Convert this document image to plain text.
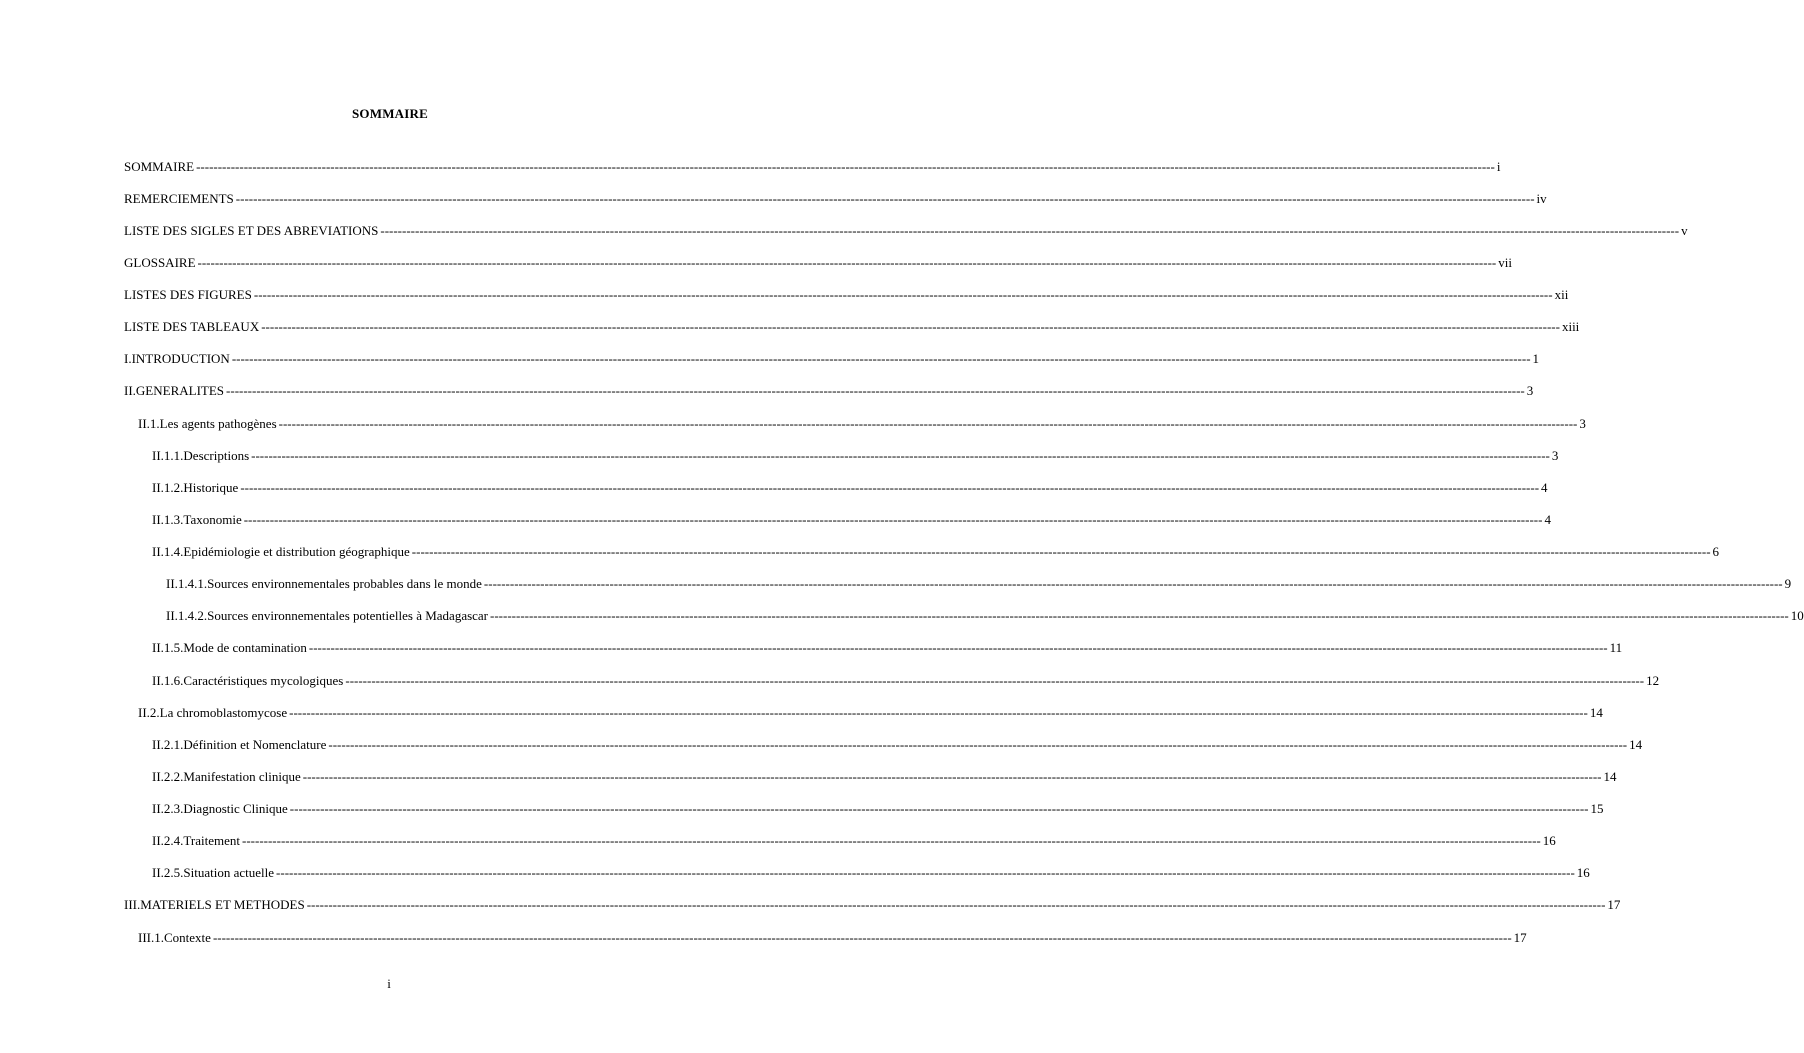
SOMMAIRE
SOMMAIRE ------------------------------------------------------------------------------------------------------------------------------------------------------------------------------------------------------------------------------------------------------------------------------------------------------------ i
REMERCIEMENTS ------------------------------------------------------------------------------------------------------------------------------------------------------------------------------------------------------------------------------------------------------------------------------------------------------------ iv
LISTE DES SIGLES ET DES ABREVIATIONS ------------------------------------------------------------------------------------------------------------------------------------------------------------------------------------------------------------------------------------------------------------------------------------------------------------ v
GLOSSAIRE ------------------------------------------------------------------------------------------------------------------------------------------------------------------------------------------------------------------------------------------------------------------------------------------------------------ vii
LISTES DES FIGURES ------------------------------------------------------------------------------------------------------------------------------------------------------------------------------------------------------------------------------------------------------------------------------------------------------------ xii
LISTE DES TABLEAUX ------------------------------------------------------------------------------------------------------------------------------------------------------------------------------------------------------------------------------------------------------------------------------------------------------------ xiii
I. INTRODUCTION ------------------------------------------------------------------------------------------------------------------------------------------------------------------------------------------------------------------------------------------------------------------------------------------------------------ 1
II. GENERALITES ------------------------------------------------------------------------------------------------------------------------------------------------------------------------------------------------------------------------------------------------------------------------------------------------------------ 3
II.1. Les agents pathogènes ------------------------------------------------------------------------------------------------------------------------------------------------------------------------------------------------------------------------------------------------------------------------------------------------------------ 3
II.1.1. Descriptions ------------------------------------------------------------------------------------------------------------------------------------------------------------------------------------------------------------------------------------------------------------------------------------------------------------ 3
II.1.2. Historique ------------------------------------------------------------------------------------------------------------------------------------------------------------------------------------------------------------------------------------------------------------------------------------------------------------ 4
II.1.3. Taxonomie ------------------------------------------------------------------------------------------------------------------------------------------------------------------------------------------------------------------------------------------------------------------------------------------------------------ 4
II.1.4. Epidémiologie et distribution géographique ------------------------------------------------------------------------------------------------------------------------------------------------------------------------------------------------------------------------------------------------------------------------------------------------------------ 6
II.1.4.1. Sources environnementales probables dans le monde ------------------------------------------------------------------------------------------------------------------------------------------------------------------------------------------------------------------------------------------------------------------------------------------------------------ 9
II.1.4.2. Sources environnementales potentielles à Madagascar ------------------------------------------------------------------------------------------------------------------------------------------------------------------------------------------------------------------------------------------------------------------------------------------------------------ 10
II.1.5. Mode de contamination ------------------------------------------------------------------------------------------------------------------------------------------------------------------------------------------------------------------------------------------------------------------------------------------------------------ 11
II.1.6. Caractéristiques mycologiques ------------------------------------------------------------------------------------------------------------------------------------------------------------------------------------------------------------------------------------------------------------------------------------------------------------ 12
II.2. La chromoblastomycose ------------------------------------------------------------------------------------------------------------------------------------------------------------------------------------------------------------------------------------------------------------------------------------------------------------ 14
II.2.1. Définition et Nomenclature ------------------------------------------------------------------------------------------------------------------------------------------------------------------------------------------------------------------------------------------------------------------------------------------------------------ 14
II.2.2. Manifestation clinique ------------------------------------------------------------------------------------------------------------------------------------------------------------------------------------------------------------------------------------------------------------------------------------------------------------ 14
II.2.3. Diagnostic Clinique ------------------------------------------------------------------------------------------------------------------------------------------------------------------------------------------------------------------------------------------------------------------------------------------------------------ 15
II.2.4. Traitement ------------------------------------------------------------------------------------------------------------------------------------------------------------------------------------------------------------------------------------------------------------------------------------------------------------ 16
II.2.5. Situation actuelle ------------------------------------------------------------------------------------------------------------------------------------------------------------------------------------------------------------------------------------------------------------------------------------------------------------ 16
III. MATERIELS ET METHODES ------------------------------------------------------------------------------------------------------------------------------------------------------------------------------------------------------------------------------------------------------------------------------------------------------------ 17
III.1. Contexte ------------------------------------------------------------------------------------------------------------------------------------------------------------------------------------------------------------------------------------------------------------------------------------------------------------ 17
i
